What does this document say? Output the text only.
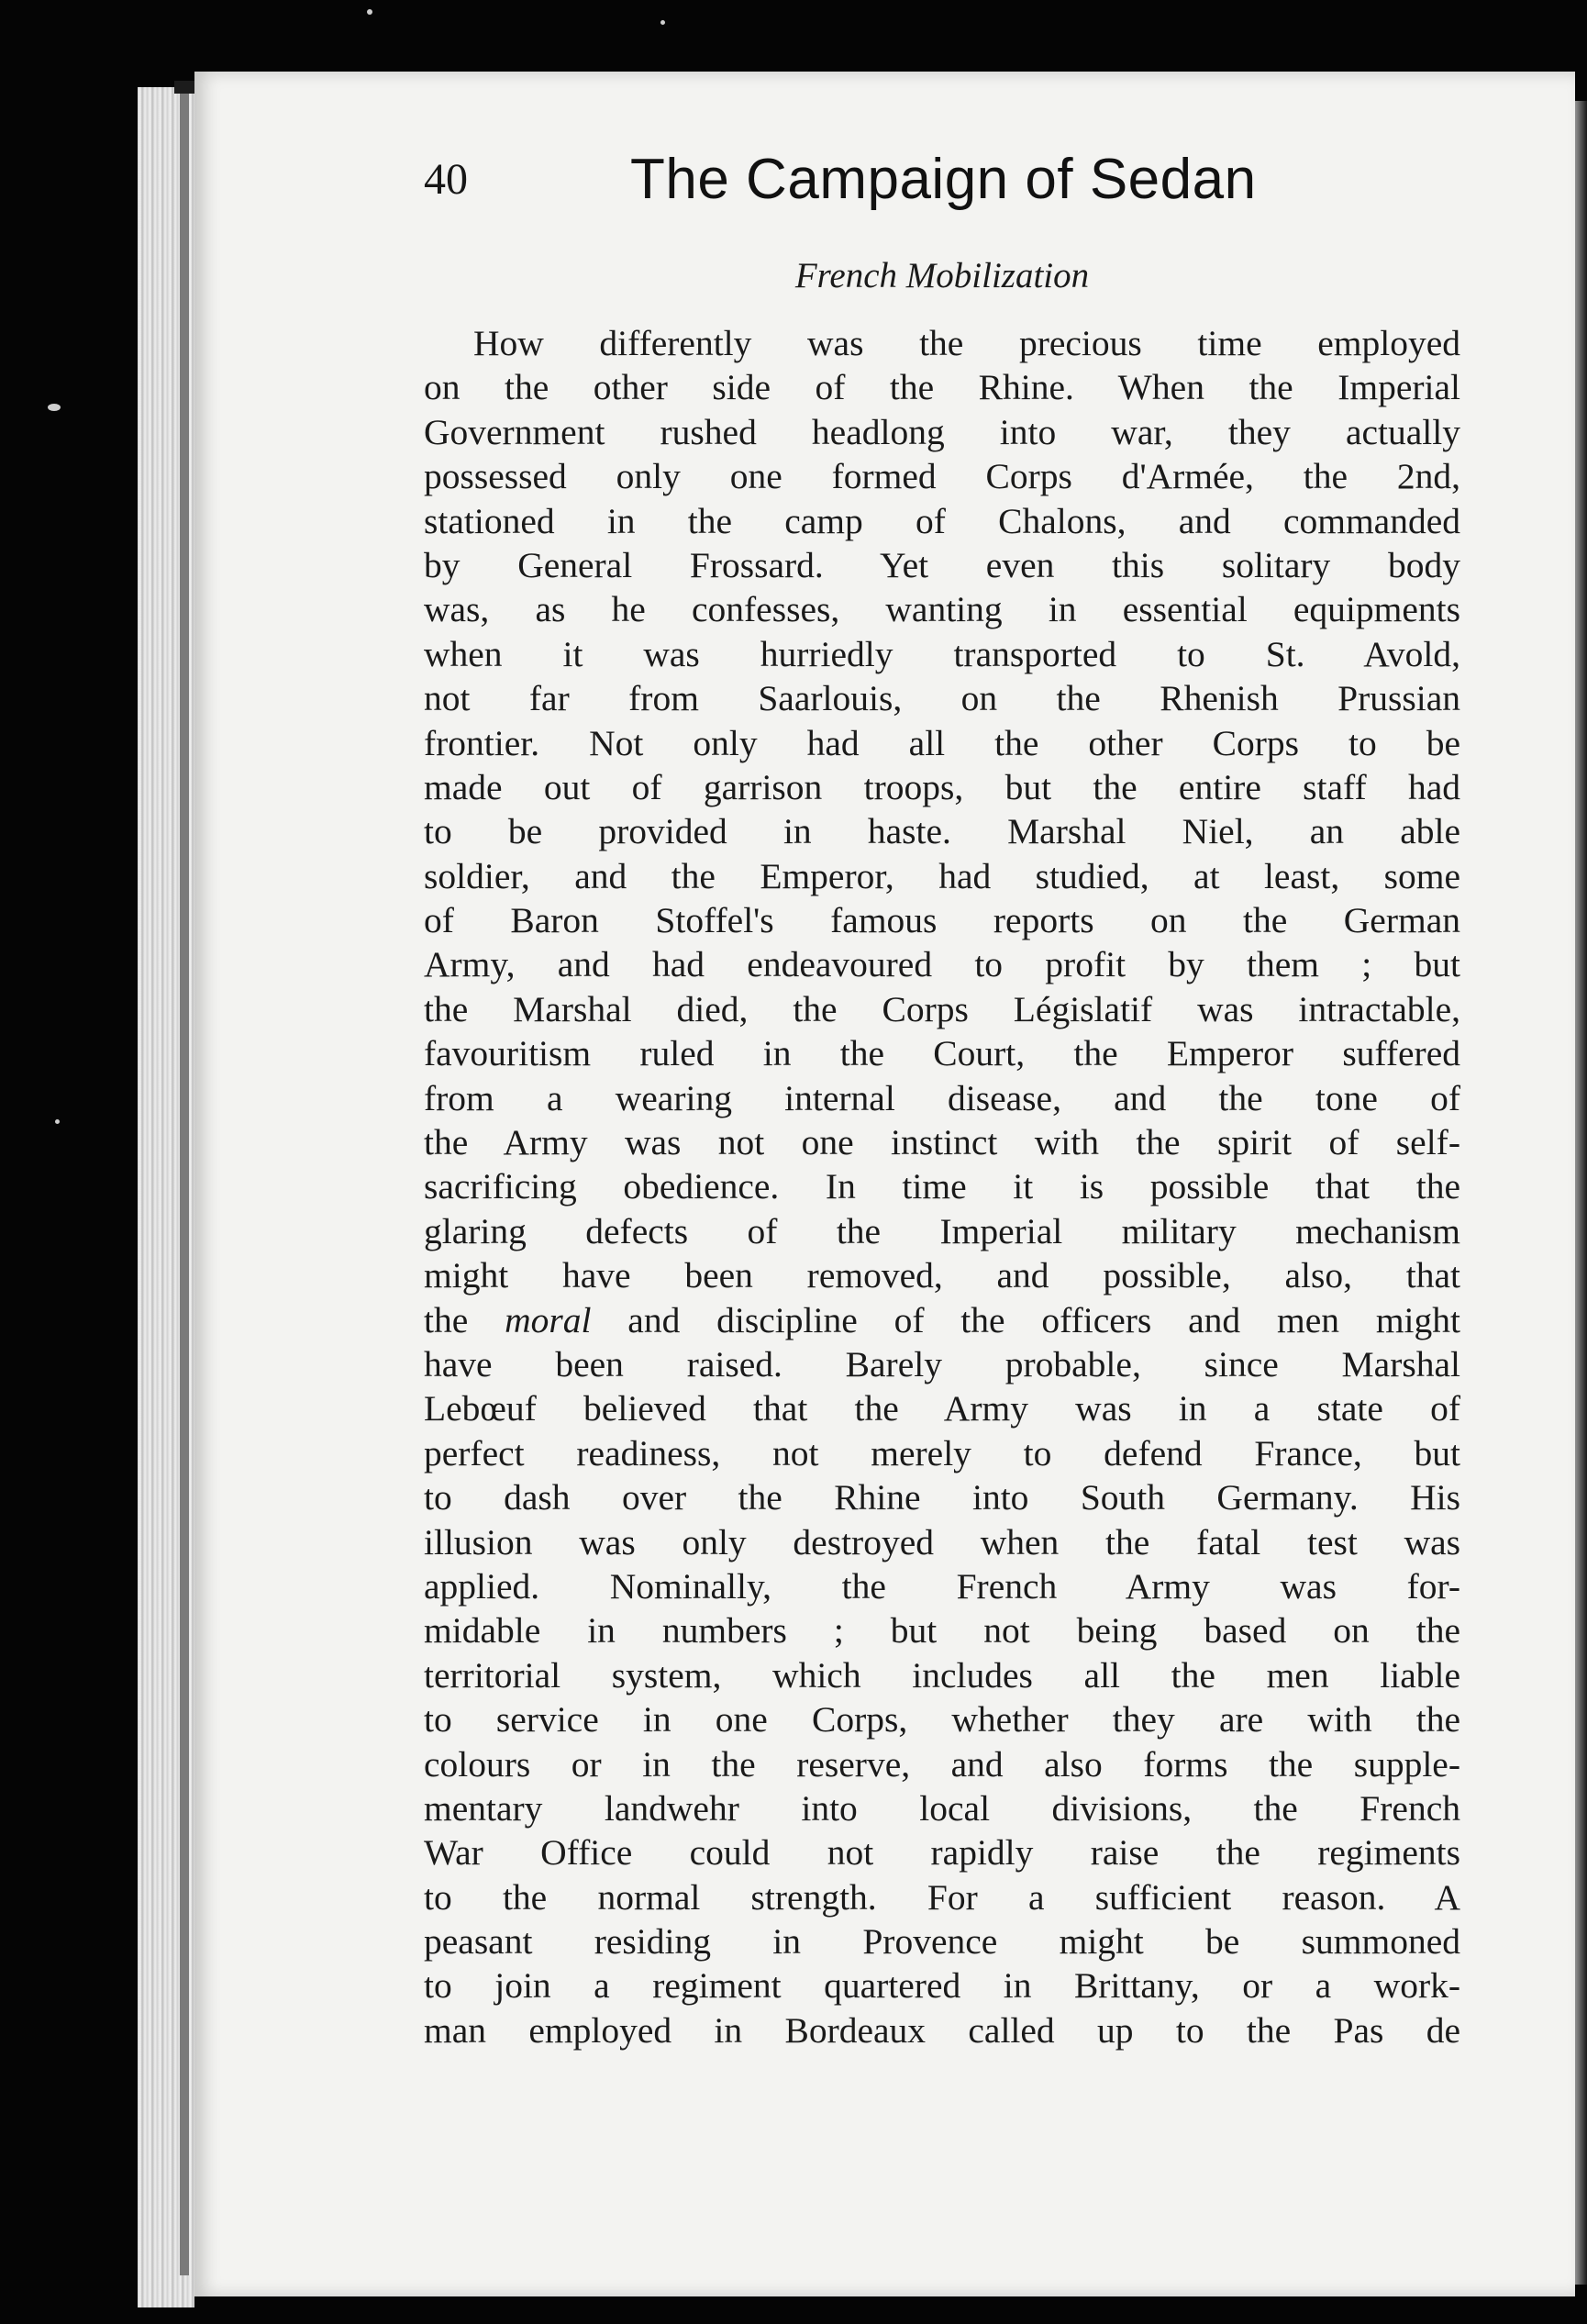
40	The Campaign of Sedan
French Mobilization
How differently was the precious time employed
on the other side of the Rhine. When the Imperial
Government rushed headlong into war, they actually
possessed only one formed Corps d'Armée, the 2nd,
stationed in the camp of Chalons, and commanded
by General Frossard. Yet even this solitary body
was, as he confesses, wanting in essential equipments
when it was hurriedly transported to St. Avold,
not far from Saarlouis, on the Rhenish Prussian
frontier. Not only had all the other Corps to be
made out of garrison troops, but the entire staff had
to be provided in haste. Marshal Niel, an able
soldier, and the Emperor, had studied, at least, some
of Baron Stoffel's famous reports on the German
Army, and had endeavoured to profit by them ; but
the Marshal died, the Corps Législatif was intractable,
favouritism ruled in the Court, the Emperor suffered
from a wearing internal disease, and the tone of
the Army was not one instinct with the spirit of self-
sacrificing obedience. In time it is possible that the
glaring defects of the Imperial military mechanism
might have been removed, and possible, also, that
the moral and discipline of the officers and men might
have been raised. Barely probable, since Marshal
Lebœuf believed that the Army was in a state of
perfect readiness, not merely to defend France, but
to dash over the Rhine into South Germany. His
illusion was only destroyed when the fatal test was
applied. Nominally, the French Army was for-
midable in numbers ; but not being based on the
territorial system, which includes all the men liable
to service in one Corps, whether they are with the
colours or in the reserve, and also forms the supple-
mentary landwehr into local divisions, the French
War Office could not rapidly raise the regiments
to the normal strength. For a sufficient reason. A
peasant residing in Provence might be summoned
to join a regiment quartered in Brittany, or a work-
man employed in Bordeaux called up to the Pas de
